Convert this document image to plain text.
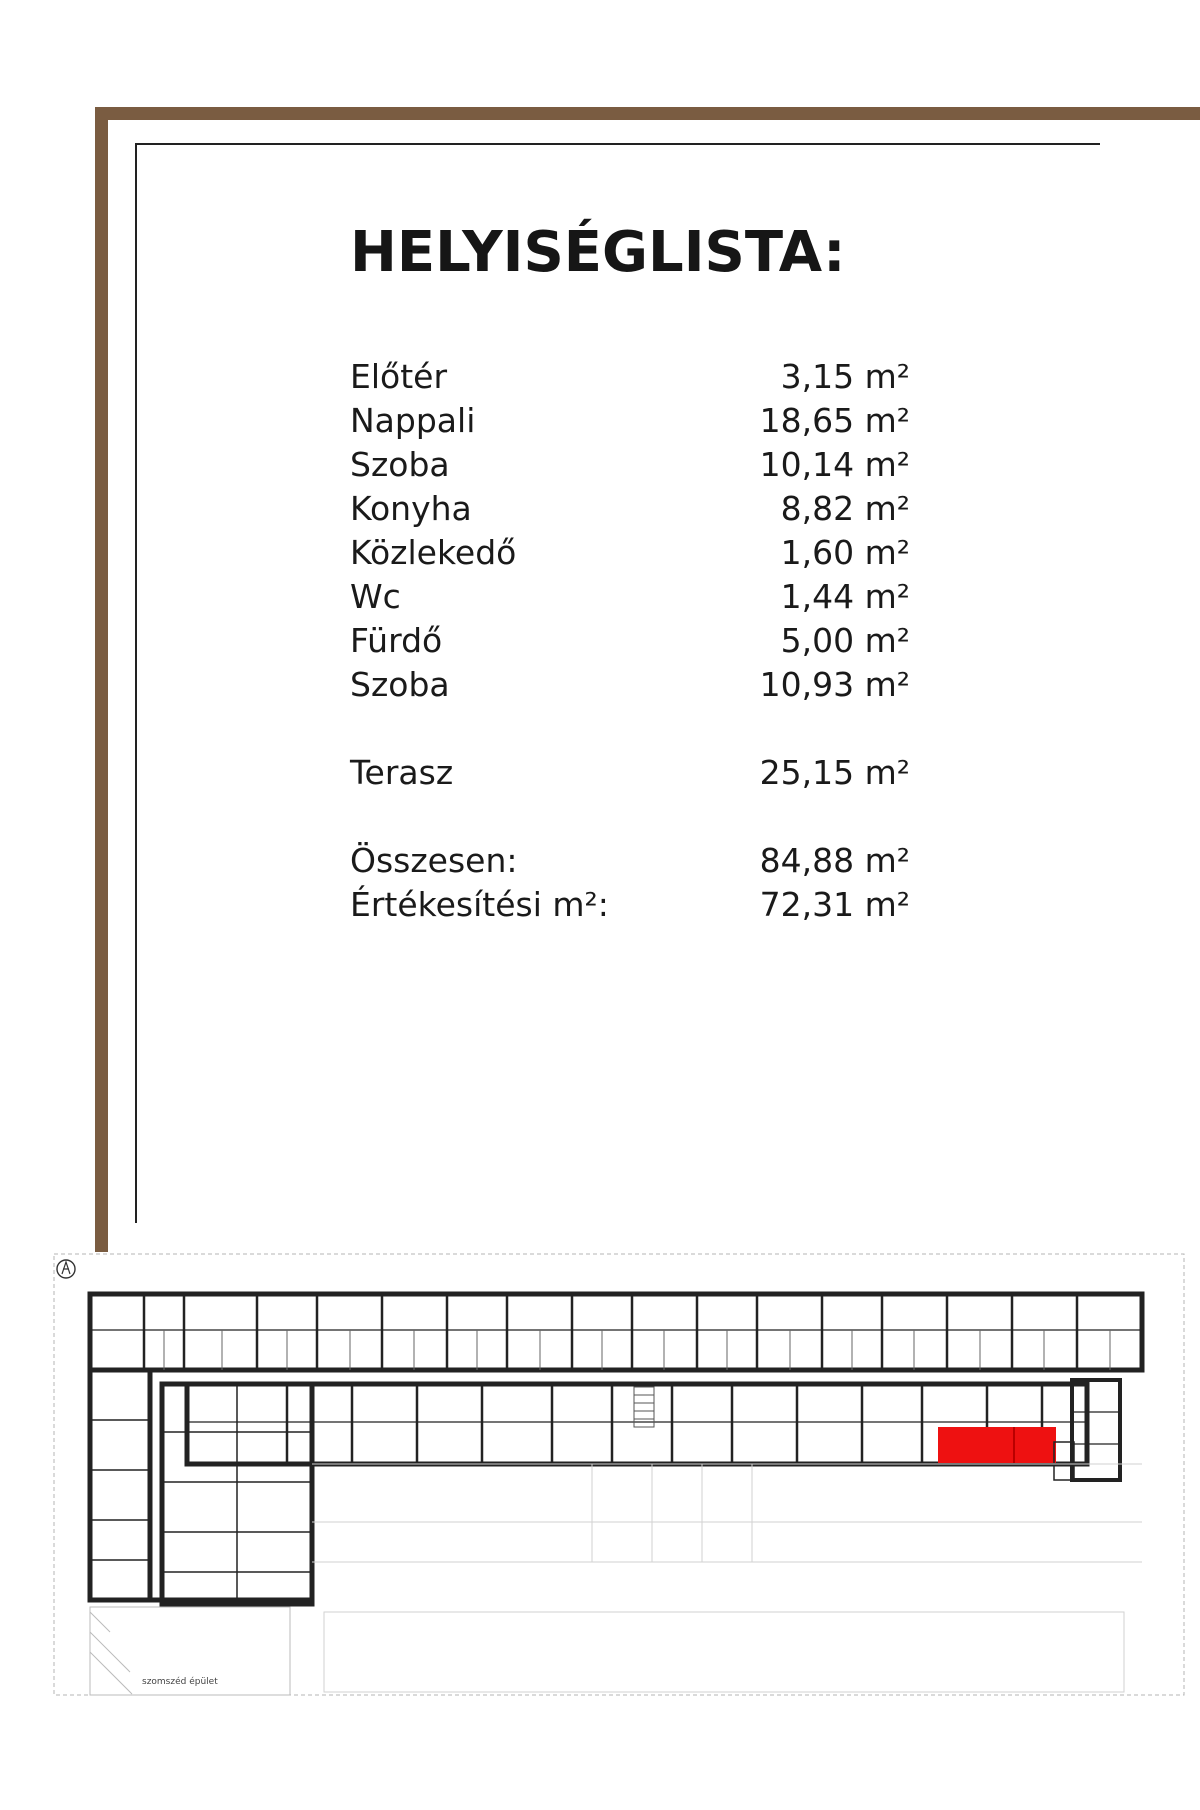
HELYISÉGLISTA:
Előtér	3,15 m²
Nappali	18,65 m²
Szoba	10,14 m²
Konyha	8,82 m²
Közlekedő	1,60 m²
Wc	1,44 m²
Fürdő	5,00 m²
Szoba	10,93 m²
Terasz	25,15 m²
Összesen:	84,88 m²
Értékesítési m²:	72,31 m²
szomszéd épület
